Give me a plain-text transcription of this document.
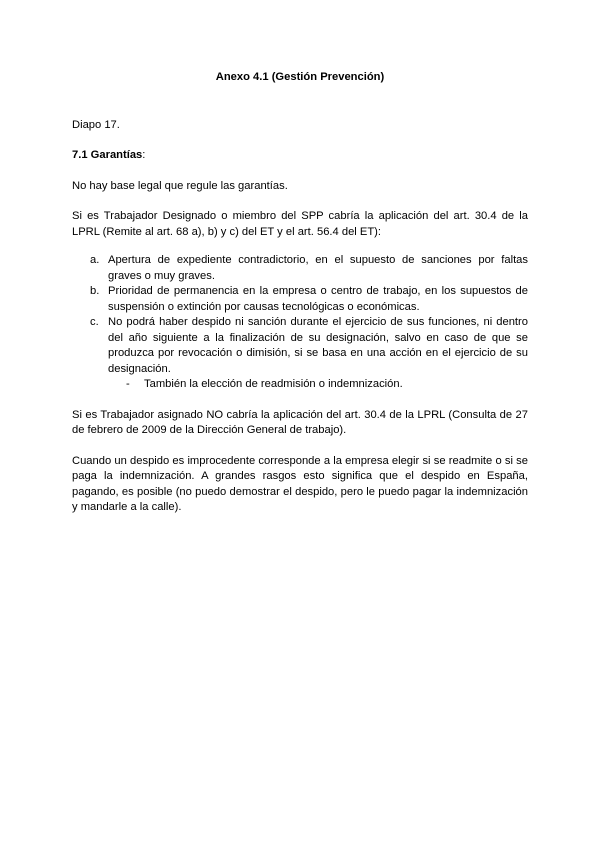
Anexo 4.1 (Gestión Prevención)

Diapo 17.

7.1 Garantías:

No hay base legal que regule las garantías.

Si es Trabajador Designado o miembro del SPP cabría la aplicación del art. 30.4 de la LPRL (Remite al art. 68 a), b) y c) del ET y el art. 56.4 del ET):

a. Apertura de expediente contradictorio, en el supuesto de sanciones por faltas graves o muy graves.
b. Prioridad de permanencia en la empresa o centro de trabajo, en los supuestos de suspensión o extinción por causas tecnológicas o económicas.
c. No podrá haber despido ni sanción durante el ejercicio de sus funciones, ni dentro del año siguiente a la finalización de su designación, salvo en caso de que se produzca por revocación o dimisión, si se basa en una acción en el ejercicio de su designación.
- También la elección de readmisión o indemnización.

Si es Trabajador asignado NO cabría la aplicación del art. 30.4 de la LPRL (Consulta de 27 de febrero de 2009 de la Dirección General de trabajo).

Cuando un despido es improcedente corresponde a la empresa elegir si se readmite o si se paga la indemnización. A grandes rasgos esto significa que el despido en España, pagando, es posible (no puedo demostrar el despido, pero le puedo pagar la indemnización y mandarle a la calle).
